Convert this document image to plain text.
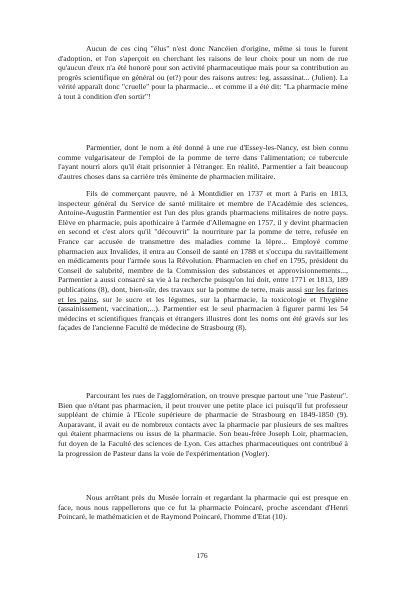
Aucun de ces cinq "élus" n'est donc Nancéien d'origine, même si tous le furent d'adoption, et l'on s'aperçoit en cherchant les raisons de leur choix pour un nom de rue qu'aucun d'eux n'a été honoré pour son activité pharmaceutique mais pour sa contribution au progrès scientifique en général ou (et?) pour des raisons autres: leg, assassinat... (Julien). La vérité apparaît donc "cruelle" pour la pharmacie... et comme il a été dit: "La pharmacie mène à tout à condition d'en sortir"!

Parmentier, dont le nom a été donné à une rue d'Essey-les-Nancy, est bien connu comme vulgarisateur de l'emploi de la pomme de terre dans l'alimentation; ce tubercule l'ayant nourri alors qu'il était prisonnier à l'étranger. En réalité, Parmentier a fait beaucoup d'autres choses dans sa carrière très éminente de pharmacien militaire.

Fils de commerçant pauvre, né à Montdidier en 1737 et mort à Paris en 1813, inspecteur général du Service de santé militaire et membre de l'Académie des sciences, Antoine-Augustin Parmentier est l'un des plus grands pharmaciens militaires de notre pays. Elève en pharmacie, puis apothicaire à l'armée d'Allemagne en 1757, il y devint pharmacien en second et c'est alors qu'il "découvrit" la nourriture par la pomme de terre, refusée en France car accusée de transmettre des maladies comme la lèpre... Employé comme pharmacien aux Invalides, il entra au Conseil de santé en 1788 et s'occupa du ravitaillement en médicaments pour l'armée sous la Révolution. Pharmacien en chef en 1795, président du Conseil de salubrité, membre de la Commission des substances et approvisionnements..., Parmentier a aussi consacré sa vie à la recherche puisqu'on lui doit, entre 1771 et 1813, 189 publications (8), dont, bien-sûr, des travaux sur la pomme de terre, mais aussi sur les farines et les pains, sur le sucre et les légumes, sur la pharmacie, la toxicologie et l'hygiène (assainissement, vaccination,...). Parmentier est le seul pharmacien à figurer parmi les 54 médecins et scientifiques français et étrangers illustres dont les noms ont été gravés sur les façades de l'ancienne Faculté de médecine de Strasbourg (8).

Parcourant les rues de l'agglomération, on trouve presque partout une "rue Pasteur". Bien que n'étant pas pharmacien, il peut trouver une petite place ici puisqu'il fut professeur suppléant de chimie à l'Ecole supérieure de pharmacie de Strasbourg en 1849-1850 (9). Auparavant, il avait eu de nombreux contacts avec la pharmacie par plusieurs de ses maîtres qui étaient pharmaciens ou issus de la pharmacie. Son beau-frère Joseph Loir, pharmacien, fut doyen de la Faculté des sciences de Lyon. Ces attaches pharmaceutiques ont contribué à la progression de Pasteur dans la voie de l'expérimentation (Vogler).

Nous arrêtant près du Musée lorrain et regardant la pharmacie qui est presque en face, nous nous rappellerons que ce fut la pharmacie Poincaré, proche ascendant d'Henri Poincaré, le mathématicien et de Raymond Poincaré, l'homme d'Etat (10).

176
